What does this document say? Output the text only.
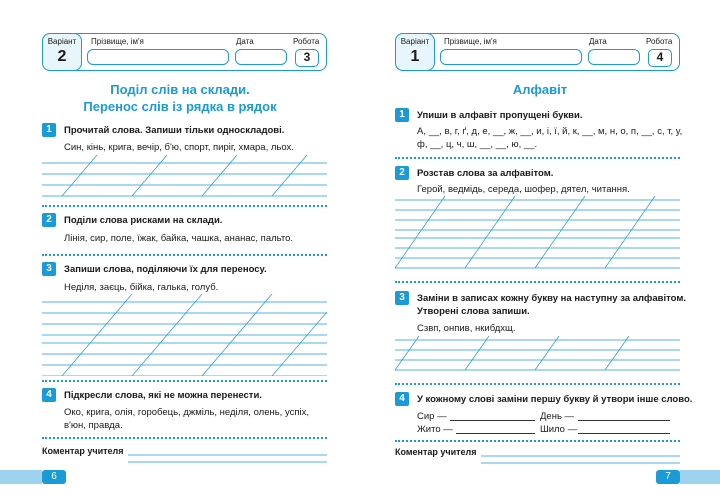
Варіант
2
Прізвище, ім'я	Дата	Робота
3
Поділ слів на склади.
Перенос слів із рядка в рядок
1	Прочитай слова. Запиши тільки односкладові.
Син, кінь, крига, вечір, б'ю, спорт, пиріг, хмара, льох.
2	Поділи слова рисками на склади.
Лінія, сир, поле, їжак, байка, чашка, ананас, пальто.
3	Запиши слова, поділяючи їх для переносу.
Неділя, заєць, бійка, галька, голуб.
4	Підкресли слова, які не можна перенести.
Око, крига, олія, горобець, джміль, неділя, олень, успіх,
в'юн, правда.
Коментар учителя
6
Варіант
1
Прізвище, ім'я	Дата	Робота
4
Алфавіт
1	Упиши в алфавіт пропущені букви.
А, __, в, г, ґ, д, е, __, ж, __, и, і, ї, й, к, __, м, н, о, п, __, с, т, у,
ф, __, ц, ч, ш, __, __, ю, __.
2	Розстав слова за алфавітом.
Герой, ведмідь, середа, шофер, дятел, читання.
3	Заміни в записах кожну букву на наступну за алфавітом.
Утворені слова запиши.
Сзвп, онпив, нкибдхщ.
4	У кожному слові заміни першу букву й утвори інше слово.
Сир —	День —
Жито —	Шило —
Коментар учителя
7
